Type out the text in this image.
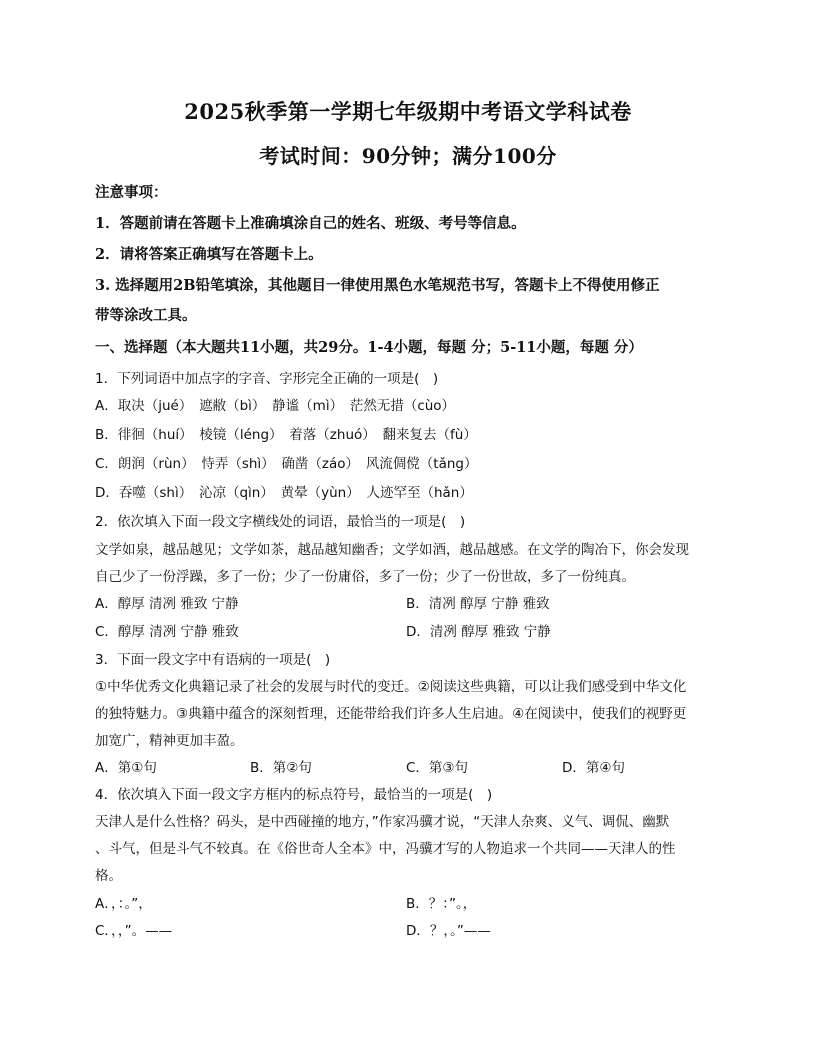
2025秋季第一学期七年级期中考语文学科试卷
考试时间：90分钟；满分100分
注意事项：
1．答题前请在答题卡上准确填涂自己的姓名、班级、考号等信息。
2．请将答案正确填写在答题卡上。
3. 选择题用2B铅笔填涂，其他题目一律使用黑色水笔规范书写，答题卡上不得使用修正
带等涂改工具。
一、选择题（本大题共11小题，共29分。1-4小题，每题 分；5-11小题，每题 分）
1．下列词语中加点字的字音、字形完全正确的一项是(　)
A．取决（jué）　遮敝（bì）　静谧（mì）　茫然无措（cùo）
B．徘徊（huí）　棱镜（léng）　着落（zhuó）　翻来复去（fù）
C．朗润（rùn）　恃弄（shì）　确凿（záo）　风流倜傥（tǎng）
D．吞噬（shì）　沁凉（qìn）　黄晕（yùn）　人迹罕至（hǎn）
2．依次填入下面一段文字横线处的词语，最恰当的一项是(　)
文学如泉，越品越见；文学如茶，越品越知幽香；文学如酒，越品越感。在文学的陶冶下，你会发现
自己少了一份浮躁，多了一份；少了一份庸俗，多了一份；少了一份世故，多了一份纯真。
A．醇厚 清冽 雅致 宁静	B．清冽 醇厚 宁静 雅致
C．醇厚 清冽 宁静 雅致	D．清冽 醇厚 雅致 宁静
3．下面一段文字中有语病的一项是(　)
①中华优秀文化典籍记录了社会的发展与时代的变迁。②阅读这些典籍，可以让我们感受到中华文化
的独特魅力。③典籍中蕴含的深刻哲理，还能带给我们许多人生启迪。④在阅读中，使我们的视野更
加宽广，精神更加丰盈。
A．第①句	B．第②句	C．第③句	D．第④句
4．依次填入下面一段文字方框内的标点符号，最恰当的一项是(　)
天津人是什么性格？码头，是中西碰撞的地方，”作家冯骥才说，“天津人杂爽、义气、调侃、幽默
、斗气，但是斗气不较真。在《俗世奇人全本》中，冯骥才写的人物追求一个共同——天津人的性
格。
A．，：。”，	B．？：”。，
C．，，”。——	D．？，。”——
